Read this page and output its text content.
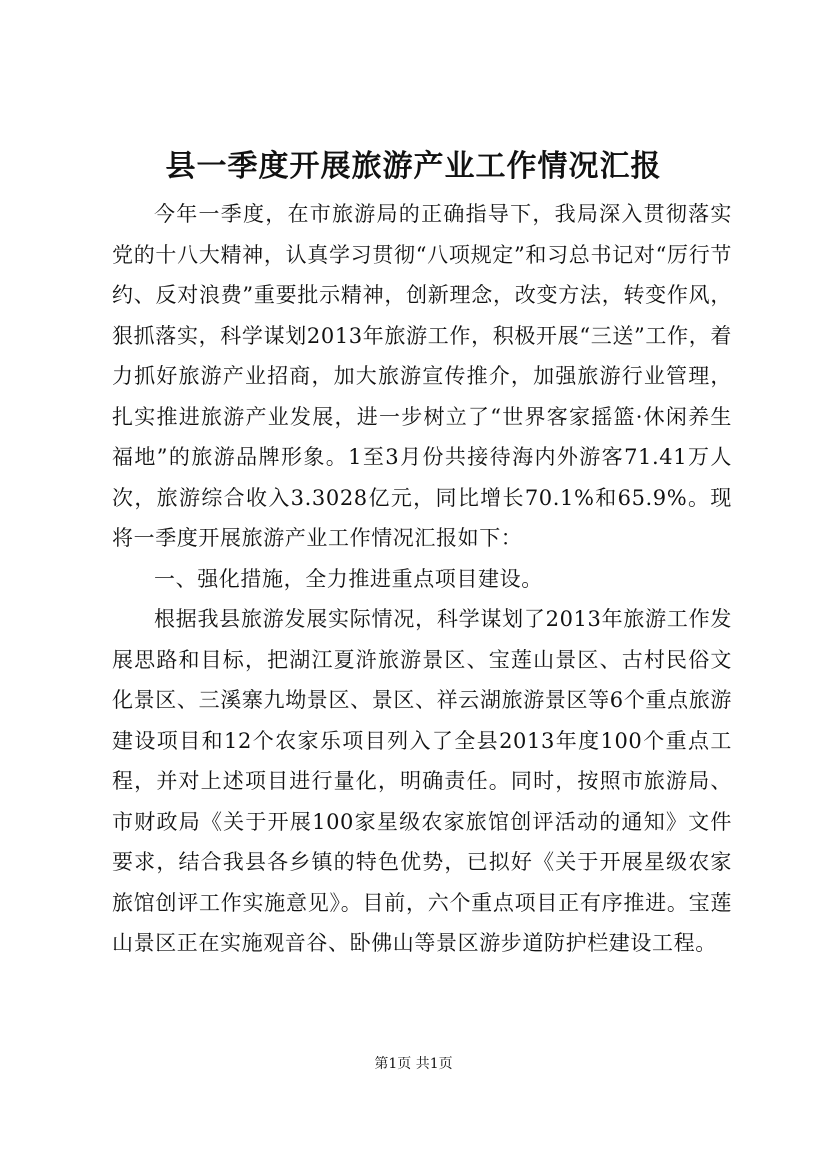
县一季度开展旅游产业工作情况汇报

今年一季度，在市旅游局的正确指导下，我局深入贯彻落实党的十八大精神，认真学习贯彻“八项规定”和习总书记对“厉行节约、反对浪费”重要批示精神，创新理念，改变方法，转变作风，狠抓落实，科学谋划2013年旅游工作，积极开展“三送”工作，着力抓好旅游产业招商，加大旅游宣传推介，加强旅游行业管理，扎实推进旅游产业发展，进一步树立了“世界客家摇篮·休闲养生福地”的旅游品牌形象。1至3月份共接待海内外游客71.41万人次，旅游综合收入3.3028亿元，同比增长70.1%和65.9%。现将一季度开展旅游产业工作情况汇报如下：

一、强化措施，全力推进重点项目建设。

根据我县旅游发展实际情况，科学谋划了2013年旅游工作发展思路和目标，把湖江夏浒旅游景区、宝莲山景区、古村民俗文化景区、三溪寨九坳景区、景区、祥云湖旅游景区等6个重点旅游建设项目和12个农家乐项目列入了全县2013年度100个重点工程，并对上述项目进行量化，明确责任。同时，按照市旅游局、市财政局《关于开展100家星级农家旅馆创评活动的通知》文件要求，结合我县各乡镇的特色优势，已拟好《关于开展星级农家旅馆创评工作实施意见》。目前，六个重点项目正有序推进。宝莲山景区正在实施观音谷、卧佛山等景区游步道防护栏建设工程。

第1页 共1页
